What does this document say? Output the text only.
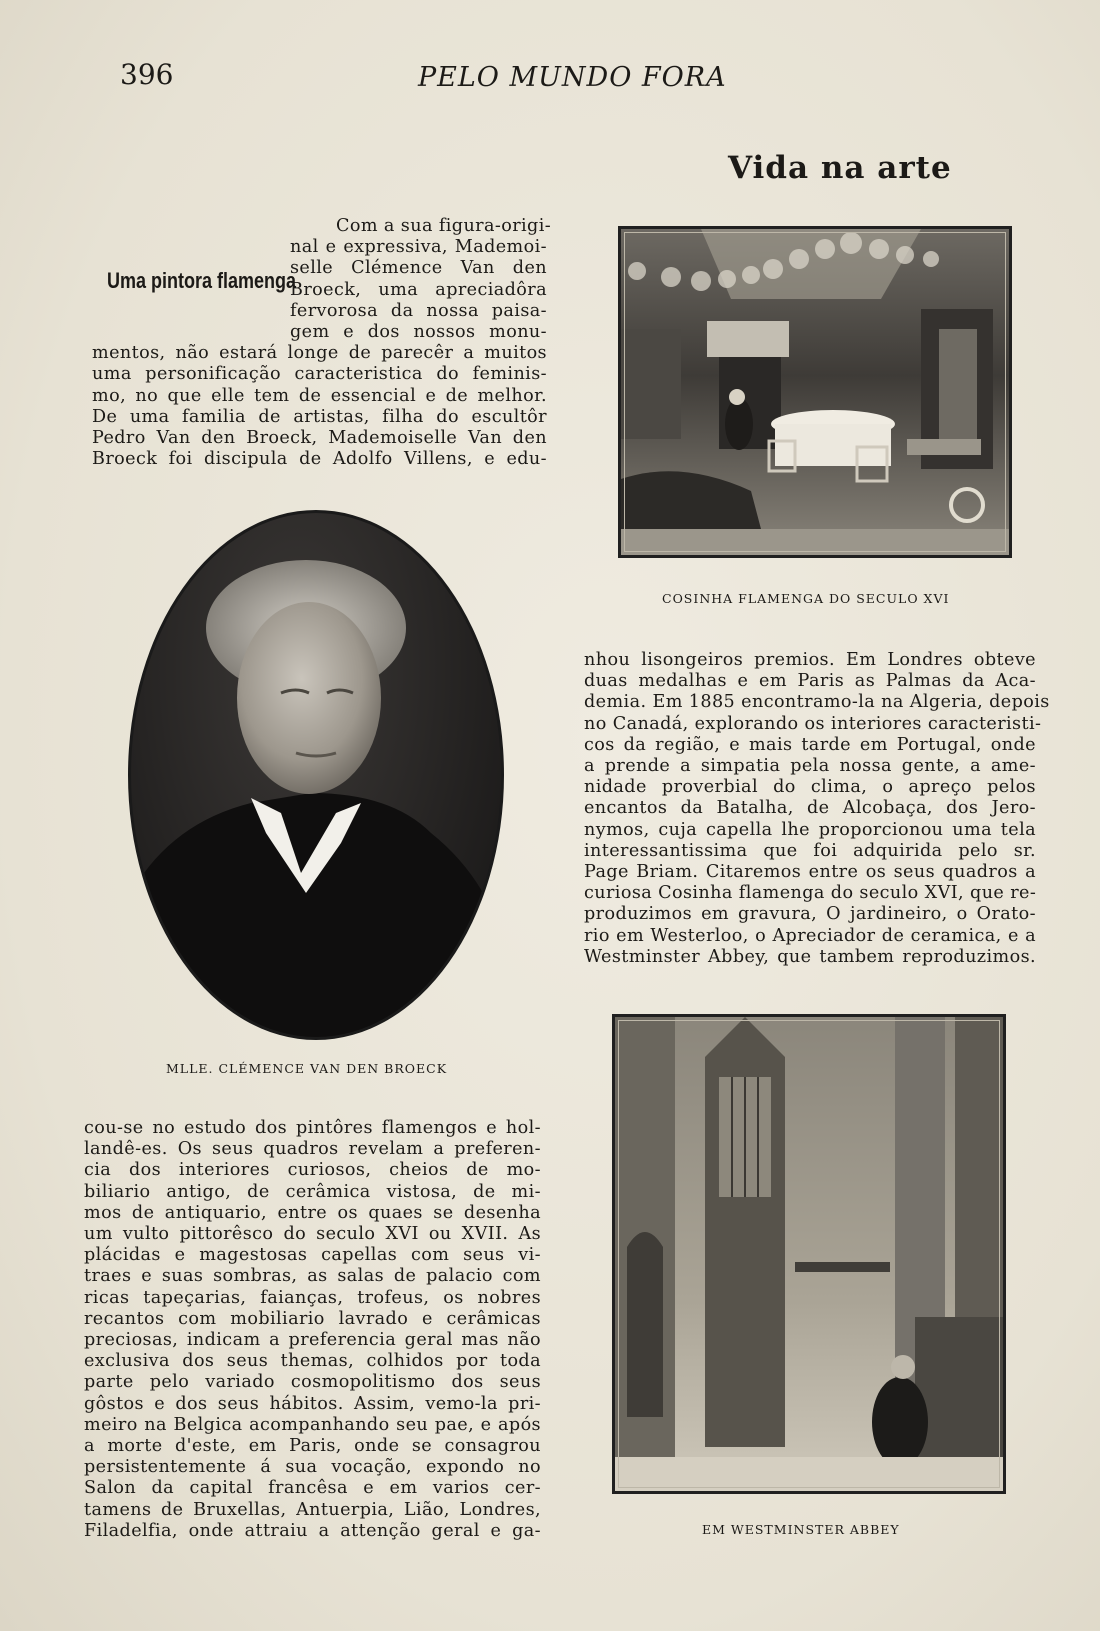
396	PELO MUNDO FORA
Vida na arte
Uma pintora flamenga
Com a sua figura-origi-
nal e expressiva, Mademoi-
selle Clémence Van den
Broeck, uma apreciadôra
fervorosa da nossa paisa-
gem e dos nossos monu-
mentos, não estará longe de parecêr a muitos
uma personificação caracteristica do feminis-
mo, no que elle tem de essencial e de melhor.
De uma familia de artistas, filha do escultôr
Pedro Van den Broeck, Mademoiselle Van den
Broeck foi discipula de Adolfo Villens, e edu-
COSINHA FLAMENGA DO SECULO XVI
MLLE. CLÉMENCE VAN DEN BROECK
nhou lisongeiros premios. Em Londres obteve
duas medalhas e em Paris as Palmas da Aca-
demia. Em 1885 encontramo-la na Algeria, depois
no Canadá, explorando os interiores caracteristi-
cos da região, e mais tarde em Portugal, onde
a prende a simpatia pela nossa gente, a ame-
nidade proverbial do clima, o apreço pelos
encantos da Batalha, de Alcobaça, dos Jero-
nymos, cuja capella lhe proporcionou uma tela
interessantissima que foi adquirida pelo sr.
Page Briam. Citaremos entre os seus quadros a
curiosa Cosinha flamenga do seculo XVI, que re-
produzimos em gravura, O jardineiro, o Orato-
rio em Westerloo, o Apreciador de ceramica, e a
Westminster Abbey, que tambem reproduzimos.
cou-se no estudo dos pintôres flamengos e hol-
landê-es. Os seus quadros revelam a preferen-
cia dos interiores curiosos, cheios de mo-
biliario antigo, de cerâmica vistosa, de mi-
mos de antiquario, entre os quaes se desenha
um vulto pittorêsco do seculo XVI ou XVII. As
plácidas e magestosas capellas com seus vi-
traes e suas sombras, as salas de palacio com
ricas tapeçarias, faianças, trofeus, os nobres
recantos com mobiliario lavrado e cerâmicas
preciosas, indicam a preferencia geral mas não
exclusiva dos seus themas, colhidos por toda
parte pelo variado cosmopolitismo dos seus
gôstos e dos seus hábitos. Assim, vemo-la pri-
meiro na Belgica acompanhando seu pae, e após
a morte d'este, em Paris, onde se consagrou
persistentemente á sua vocação, expondo no
Salon da capital francêsa e em varios cer-
tamens de Bruxellas, Antuerpia, Lião, Londres,
Filadelfia, onde attraiu a attenção geral e ga-	EM WESTMINSTER ABBEY
